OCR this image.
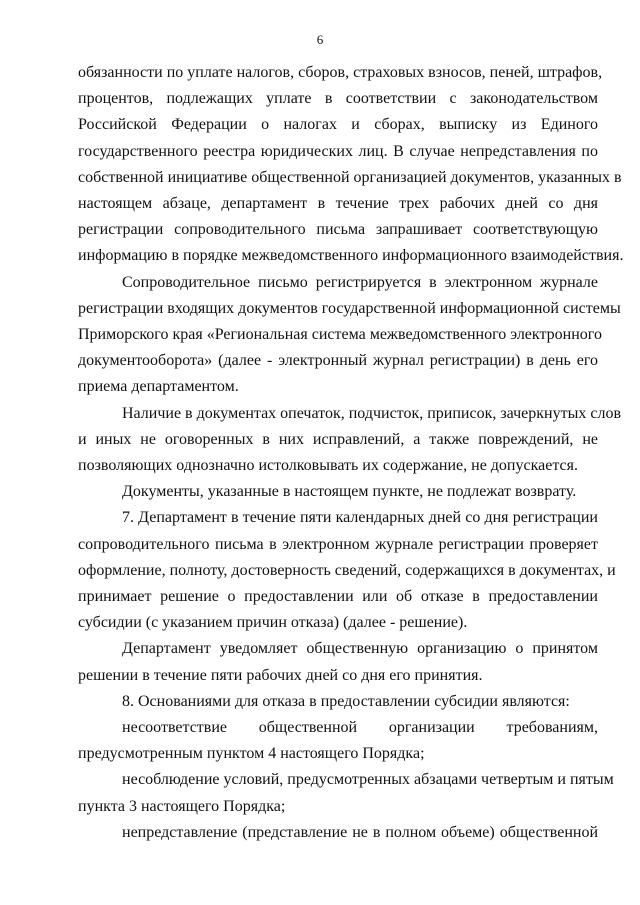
6
обязанности по уплате налогов, сборов, страховых взносов, пеней, штрафов,
процентов, подлежащих уплате в соответствии с законодательством
Российской Федерации о налогах и сборах, выписку из Единого
государственного реестра юридических лиц. В случае непредставления по
собственной инициативе общественной организацией документов, указанных в
настоящем абзаце, департамент в течение трех рабочих дней со дня
регистрации сопроводительного письма запрашивает соответствующую
информацию в порядке межведомственного информационного взаимодействия.
Сопроводительное письмо регистрируется в электронном журнале
регистрации входящих документов государственной информационной системы
Приморского края «Региональная система межведомственного электронного
документооборота» (далее - электронный журнал регистрации) в день его
приема департаментом.
Наличие в документах опечаток, подчисток, приписок, зачеркнутых слов
и иных не оговоренных в них исправлений, а также повреждений, не
позволяющих однозначно истолковывать их содержание, не допускается.
Документы, указанные в настоящем пункте, не подлежат возврату.
7. Департамент в течение пяти календарных дней со дня регистрации
сопроводительного письма в электронном журнале регистрации проверяет
оформление, полноту, достоверность сведений, содержащихся в документах, и
принимает решение о предоставлении или об отказе в предоставлении
субсидии (с указанием причин отказа) (далее - решение).
Департамент уведомляет общественную организацию о принятом
решении в течение пяти рабочих дней со дня его принятия.
8. Основаниями для отказа в предоставлении субсидии являются:
несоответствие общественной организации требованиям,
предусмотренным пунктом 4 настоящего Порядка;
несоблюдение условий, предусмотренных абзацами четвертым и пятым
пункта 3 настоящего Порядка;
непредставление (представление не в полном объеме) общественной
